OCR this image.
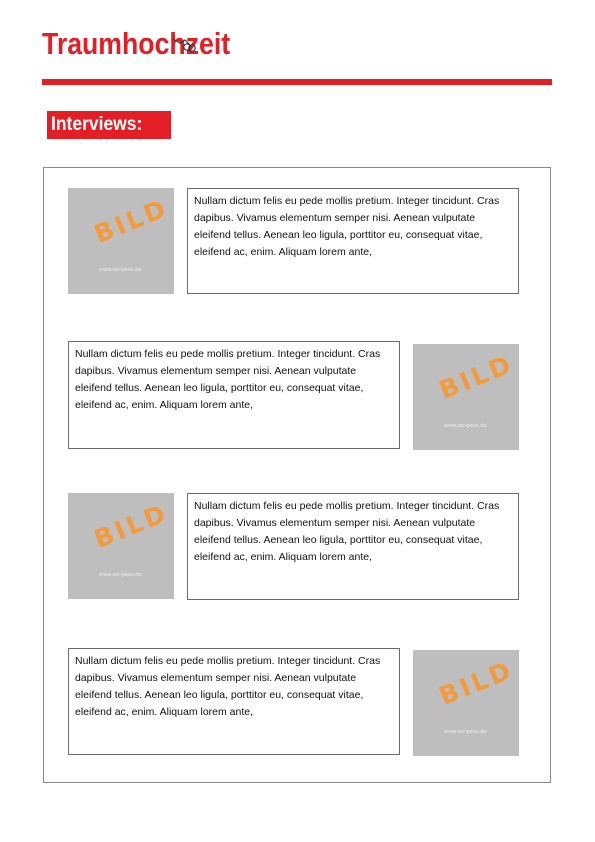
Traumhochzeit
Interviews:
BILD
www.ser-peus.de

Nullam dictum felis eu pede mollis pretium. Integer tincidunt. Cras dapibus. Vivamus elementum semper nisi. Aenean vulputate eleifend tellus. Aenean leo ligula, porttitor eu, consequat vitae, eleifend ac, enim. Aliquam lorem ante,

Nullam dictum felis eu pede mollis pretium. Integer tincidunt. Cras dapibus. Vivamus elementum semper nisi. Aenean vulputate eleifend tellus. Aenean leo ligula, porttitor eu, consequat vitae, eleifend ac, enim. Aliquam lorem ante,

BILD
www.ser-peus.de
BILD
www.ser-peus.de

Nullam dictum felis eu pede mollis pretium. Integer tincidunt. Cras dapibus. Vivamus elementum semper nisi. Aenean vulputate eleifend tellus. Aenean leo ligula, porttitor eu, consequat vitae, eleifend ac, enim. Aliquam lorem ante,

Nullam dictum felis eu pede mollis pretium. Integer tincidunt. Cras dapibus. Vivamus elementum semper nisi. Aenean vulputate eleifend tellus. Aenean leo ligula, porttitor eu, consequat vitae, eleifend ac, enim. Aliquam lorem ante,

BILD
www.ser-peus.de
